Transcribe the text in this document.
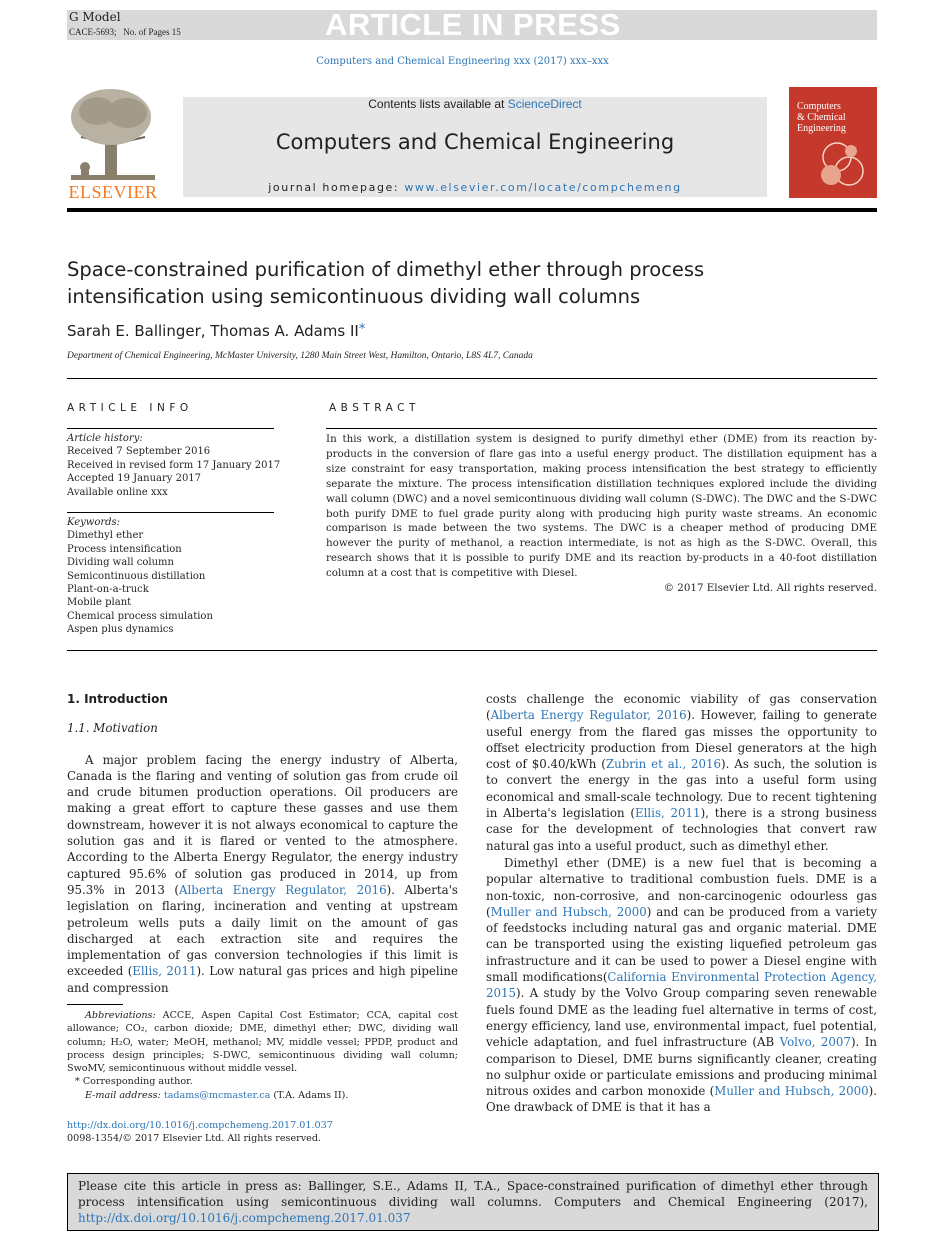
G Model
CACE-5693; No. of Pages 15	ARTICLE IN PRESS
Computers and Chemical Engineering xxx (2017) xxx–xxx
ELSEVIER
Contents lists available at ScienceDirect
Computers and Chemical Engineering
journal homepage: www.elsevier.com/locate/compchemeng
Computers
& Chemical
Engineering
Space-constrained purification of dimethyl ether through process
intensification using semicontinuous dividing wall columns
Sarah E. Ballinger, Thomas A. Adams II*
Department of Chemical Engineering, McMaster University, 1280 Main Street West, Hamilton, Ontario, L8S 4L7, Canada
ARTICLE INFO
Article history:
Received 7 September 2016
Received in revised form 17 January 2017
Accepted 19 January 2017
Available online xxx
Keywords:
Dimethyl ether
Process intensification
Dividing wall column
Semicontinuous distillation
Plant-on-a-truck
Mobile plant
Chemical process simulation
Aspen plus dynamics
ABSTRACT
In this work, a distillation system is designed to purify dimethyl ether (DME) from its reaction by-products in the conversion of flare gas into a useful energy product. The distillation equipment has a size constraint for easy transportation, making process intensification the best strategy to efficiently separate the mixture. The process intensification distillation techniques explored include the dividing wall column (DWC) and a novel semicontinuous dividing wall column (S-DWC). The DWC and the S-DWC both purify DME to fuel grade purity along with producing high purity waste streams. An economic comparison is made between the two systems. The DWC is a cheaper method of producing DME however the purity of methanol, a reaction intermediate, is not as high as the S-DWC. Overall, this research shows that it is possible to purify DME and its reaction by-products in a 40-foot distillation column at a cost that is competitive with Diesel.
© 2017 Elsevier Ltd. All rights reserved.
1. Introduction
1.1. Motivation

A major problem facing the energy industry of Alberta, Canada is the flaring and venting of solution gas from crude oil and crude bitumen production operations. Oil producers are making a great effort to capture these gasses and use them downstream, however it is not always economical to capture the solution gas and it is flared or vented to the atmosphere. According to the Alberta Energy Regulator, the energy industry captured 95.6% of solution gas produced in 2014, up from 95.3% in 2013 (Alberta Energy Regulator, 2016). Alberta's legislation on flaring, incineration and venting at upstream petroleum wells puts a daily limit on the amount of gas discharged at each extraction site and requires the implementation of gas conversion technologies if this limit is exceeded (Ellis, 2011). Low natural gas prices and high pipeline and compression

costs challenge the economic viability of gas conservation (Alberta Energy Regulator, 2016). However, failing to generate useful energy from the flared gas misses the opportunity to offset electricity production from Diesel generators at the high cost of $0.40/kWh (Zubrin et al., 2016). As such, the solution is to convert the energy in the gas into a useful form using economical and small-scale technology. Due to recent tightening in Alberta's legislation (Ellis, 2011), there is a strong business case for the development of technologies that convert raw natural gas into a useful product, such as dimethyl ether.

Dimethyl ether (DME) is a new fuel that is becoming a popular alternative to traditional combustion fuels. DME is a non-toxic, non-corrosive, and non-carcinogenic odourless gas (Muller and Hubsch, 2000) and can be produced from a variety of feedstocks including natural gas and organic material. DME can be transported using the existing liquefied petroleum gas infrastructure and it can be used to power a Diesel engine with small modifications(California Environmental Protection Agency, 2015). A study by the Volvo Group comparing seven renewable fuels found DME as the leading fuel alternative in terms of cost, energy efficiency, land use, environmental impact, fuel potential, vehicle adaptation, and fuel infrastructure (AB Volvo, 2007). In comparison to Diesel, DME burns significantly cleaner, creating no sulphur oxide or particulate emissions and producing minimal nitrous oxides and carbon monoxide (Muller and Hubsch, 2000). One drawback of DME is that it has a

Abbreviations: ACCE, Aspen Capital Cost Estimator; CCA, capital cost allowance; CO₂, carbon dioxide; DME, dimethyl ether; DWC, dividing wall column; H₂O, water; MeOH, methanol; MV, middle vessel; PPDP, product and process design principles; S-DWC, semicontinuous dividing wall column; SwoMV, semicontinuous without middle vessel.
* Corresponding author.
E-mail address: tadams@mcmaster.ca (T.A. Adams II).
http://dx.doi.org/10.1016/j.compchemeng.2017.01.037
0098-1354/© 2017 Elsevier Ltd. All rights reserved.
Please cite this article in press as: Ballinger, S.E., Adams II, T.A., Space-constrained purification of dimethyl ether through process intensification using semicontinuous dividing wall columns. Computers and Chemical Engineering (2017), http://dx.doi.org/10.1016/j.compchemeng.2017.01.037
